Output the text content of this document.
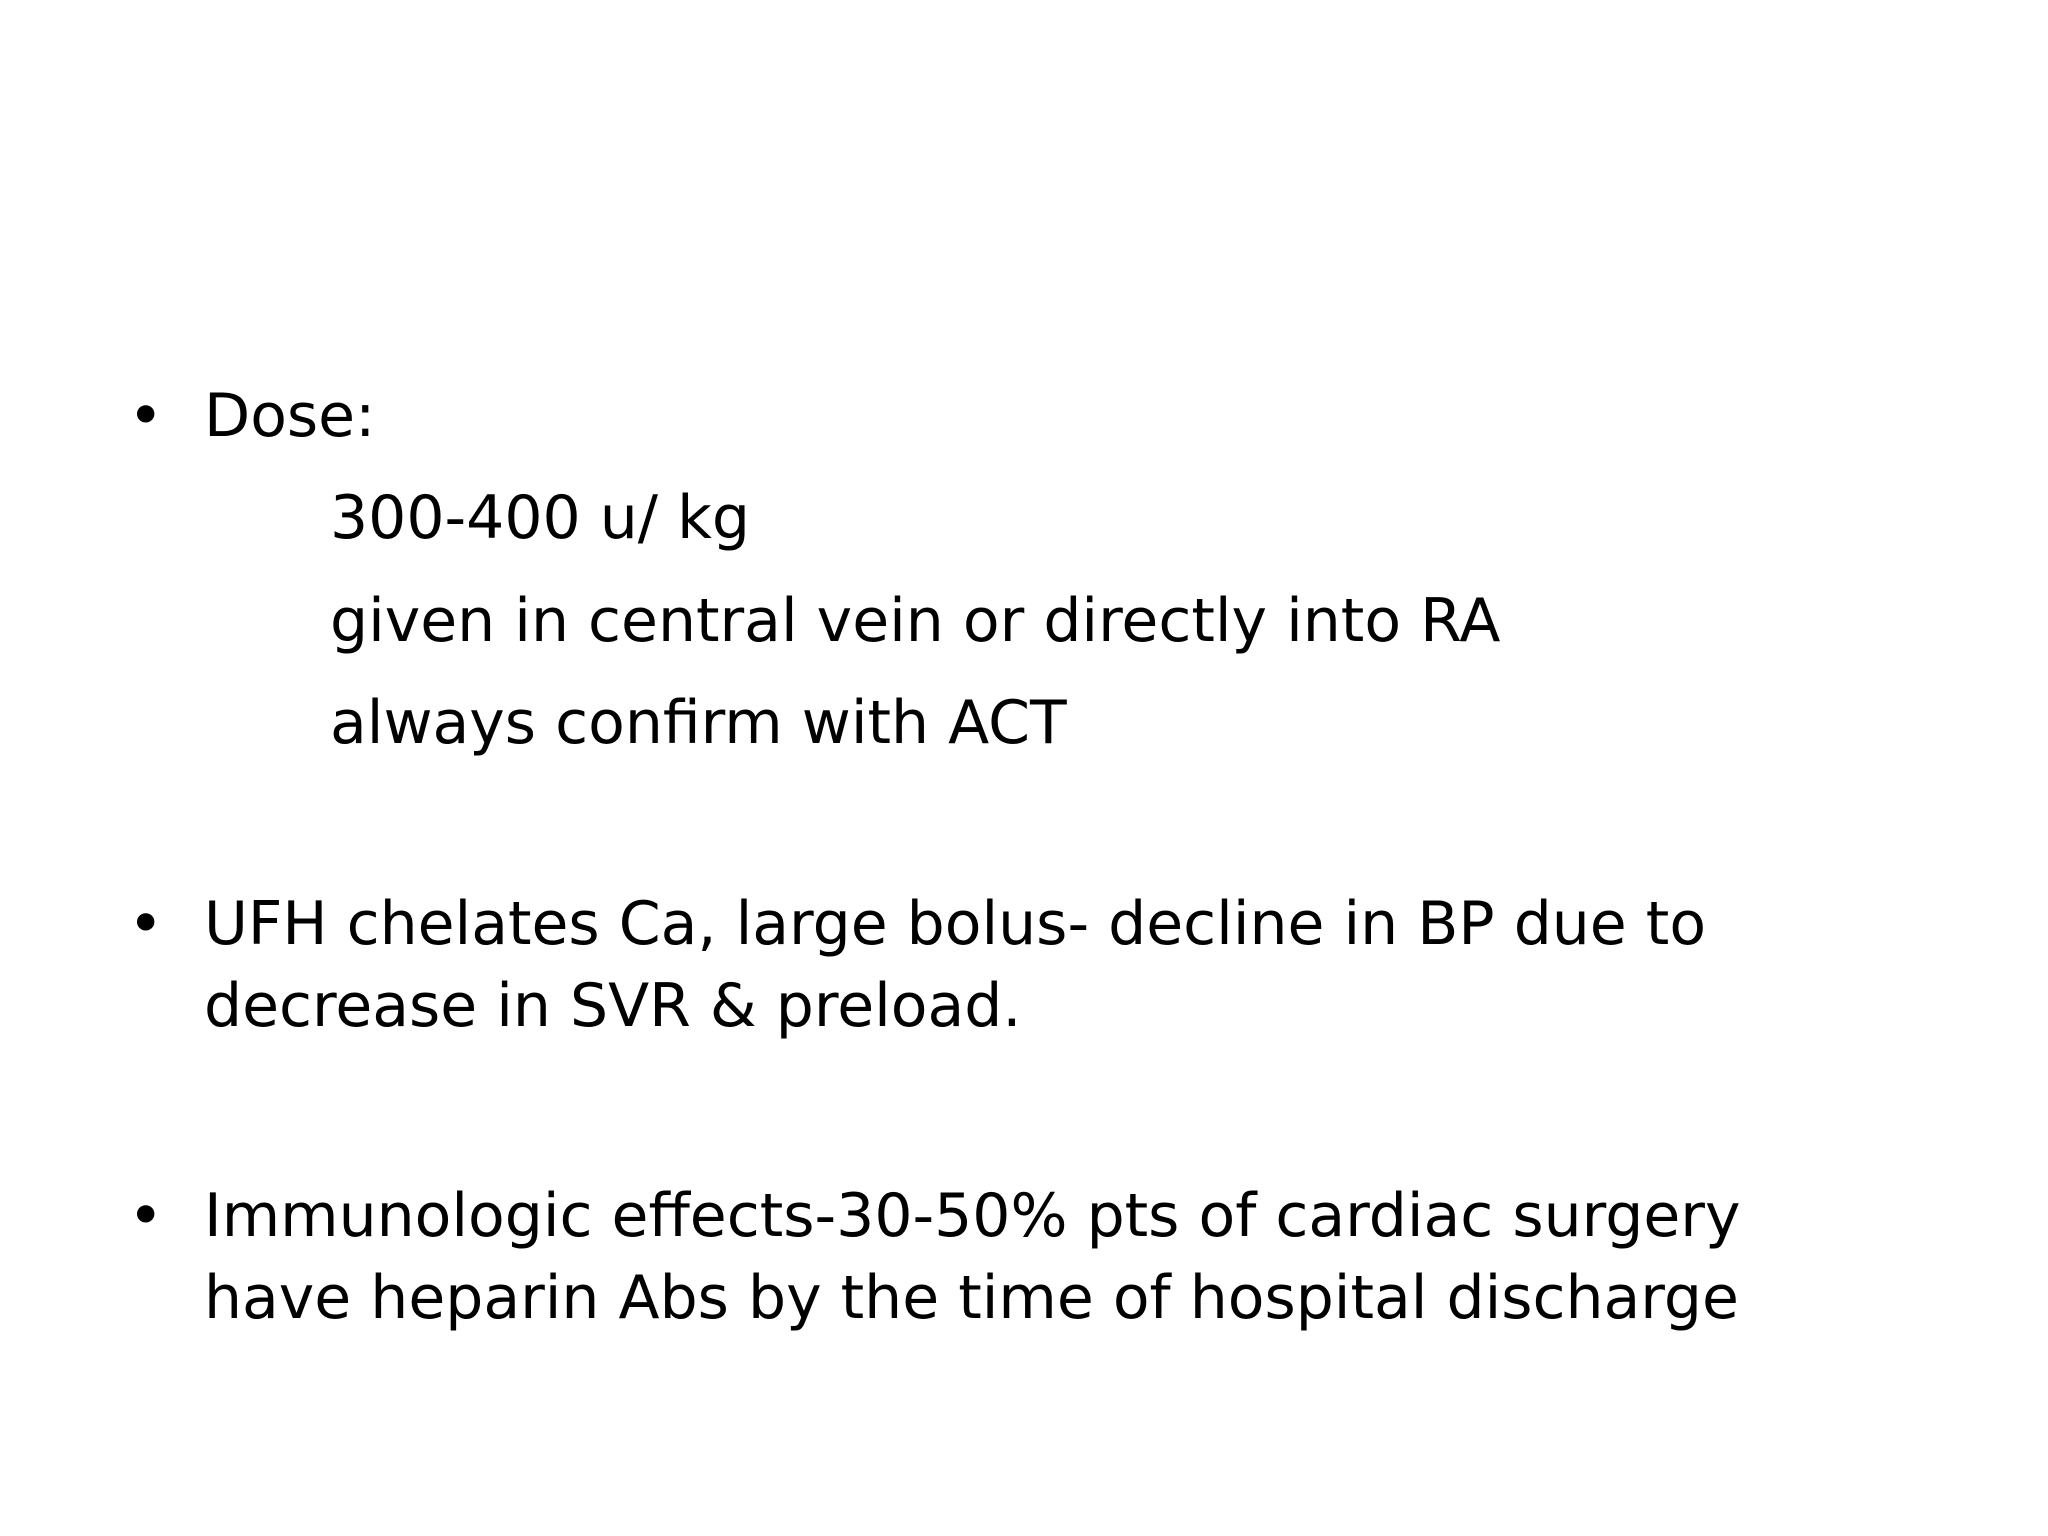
• Dose:
300-400 u/ kg
given in central vein or directly into RA
always confirm with ACT
• UFH chelates Ca, large bolus- decline in BP due to
decrease in SVR & preload.
• Immunologic effects-30-50% pts of cardiac surgery
have heparin Abs by the time of hospital discharge
